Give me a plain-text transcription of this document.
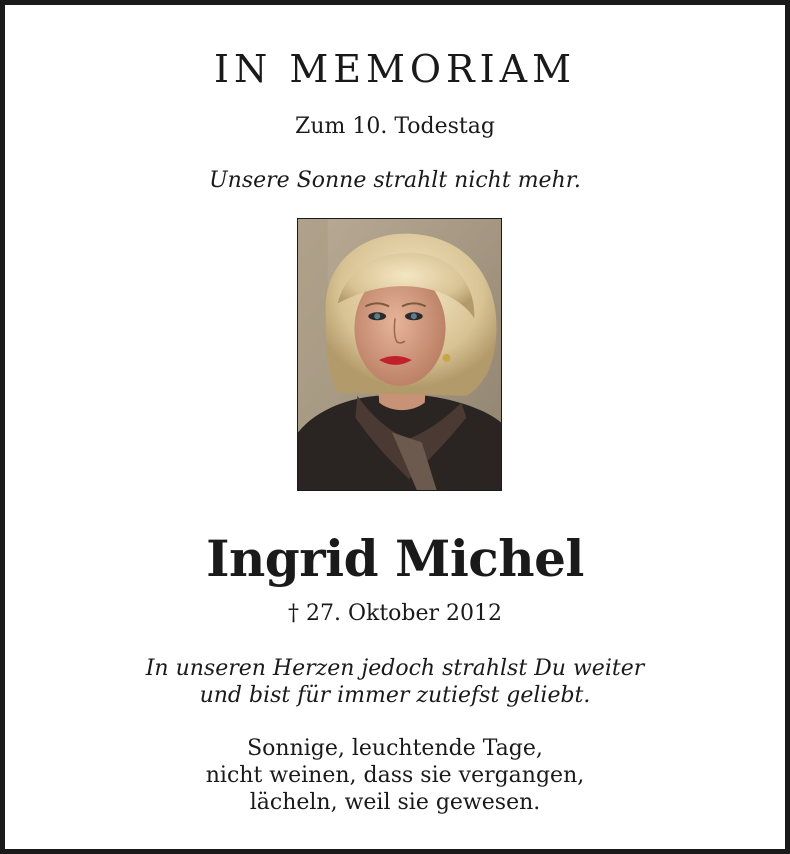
IN MEMORIAM
Zum 10. Todestag
Unsere Sonne strahlt nicht mehr.
Ingrid Michel
† 27. Oktober 2012
In unseren Herzen jedoch strahlst Du weiter
und bist für immer zutiefst geliebt.
Sonnige, leuchtende Tage,
nicht weinen, dass sie vergangen,
lächeln, weil sie gewesen.
